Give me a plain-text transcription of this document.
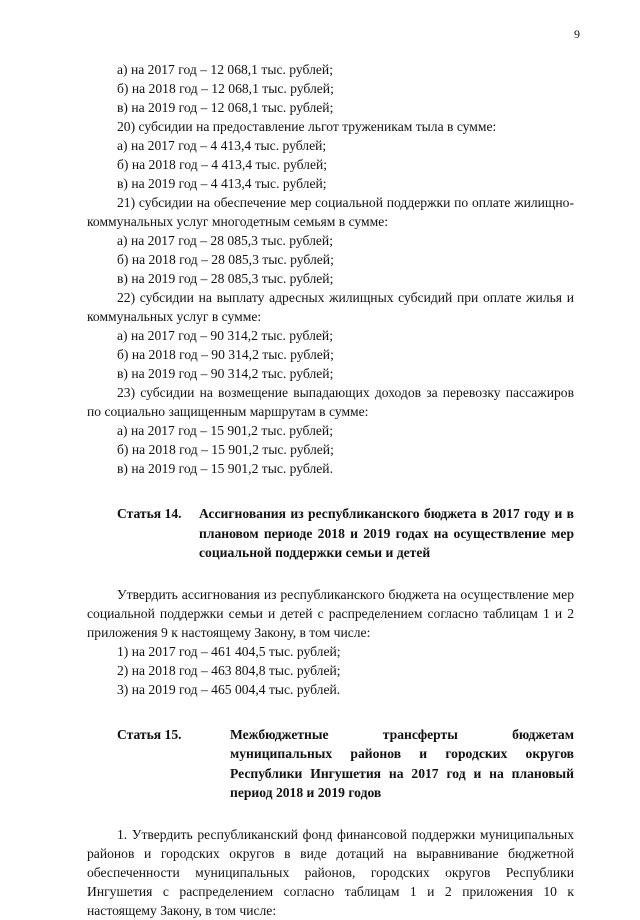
9
а) на 2017 год – 12 068,1 тыс. рублей;
б) на 2018 год – 12 068,1 тыс. рублей;
в) на 2019 год – 12 068,1 тыс. рублей;
20) субсидии на предоставление льгот труженикам тыла в сумме:
а) на 2017 год – 4 413,4 тыс. рублей;
б) на 2018 год – 4 413,4 тыс. рублей;
в) на 2019 год – 4 413,4 тыс. рублей;
21) субсидии на обеспечение мер социальной поддержки по оплате жилищно-коммунальных услуг многодетным семьям в сумме:
а) на 2017 год – 28 085,3 тыс. рублей;
б) на 2018 год – 28 085,3 тыс. рублей;
в) на 2019 год – 28 085,3 тыс. рублей;
22) субсидии на выплату адресных жилищных субсидий при оплате жилья и коммунальных услуг в сумме:
а) на 2017 год – 90 314,2 тыс. рублей;
б) на 2018 год – 90 314,2 тыс. рублей;
в) на 2019 год – 90 314,2 тыс. рублей;
23) субсидии на возмещение выпадающих доходов за перевозку пассажиров по социально защищенным маршрутам в сумме:
а) на 2017 год – 15 901,2 тыс. рублей;
б) на 2018 год – 15 901,2 тыс. рублей;
в) на 2019 год – 15 901,2 тыс. рублей.
Статья 14.	Ассигнования из республиканского бюджета в 2017 году и в плановом периоде 2018 и 2019 годах на осуществление мер социальной поддержки семьи и детей
Утвердить ассигнования из республиканского бюджета на осуществление мер социальной поддержки семьи и детей с распределением согласно таблицам 1 и 2 приложения 9 к настоящему Закону, в том числе:
1) на 2017 год – 461 404,5 тыс. рублей;
2) на 2018 год – 463 804,8 тыс. рублей;
3) на 2019 год – 465 004,4 тыс. рублей.
Статья 15.	Межбюджетные трансферты бюджетам муниципальных районов и городских округов Республики Ингушетия на 2017 год и на плановый период 2018 и 2019 годов
1. Утвердить республиканский фонд финансовой поддержки муниципальных районов и городских округов в виде дотаций на выравнивание бюджетной обеспеченности муниципальных районов, городских округов Республики Ингушетия с распределением согласно таблицам 1 и 2 приложения 10 к настоящему Закону, в том числе:
